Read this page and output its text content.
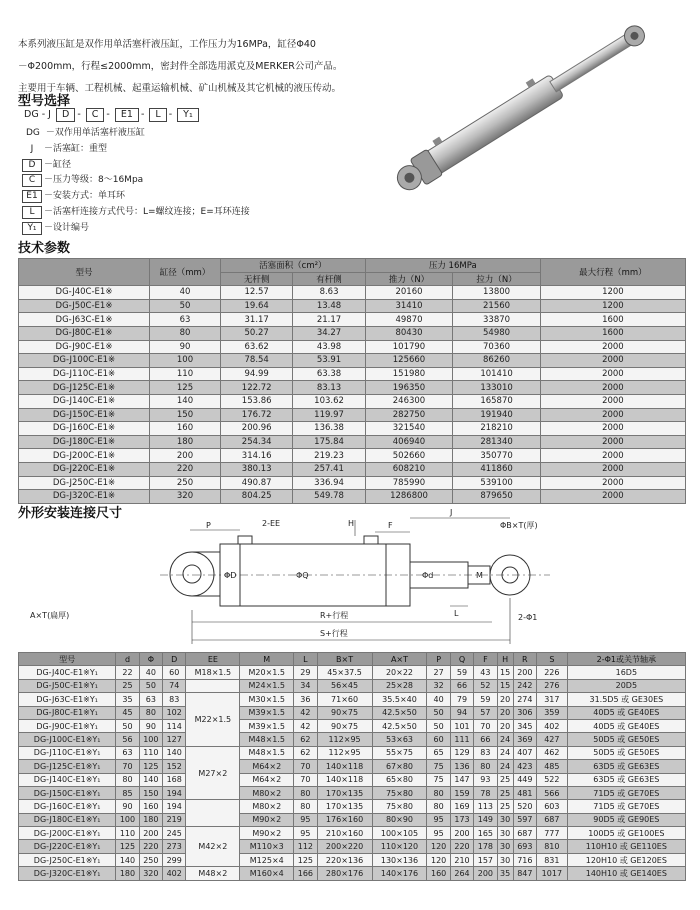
本系列液压缸是双作用单活塞杆液压缸，工作压力为16MPa，缸径Φ40

－Φ200mm，行程≤2000mm，密封件全部选用派克及MERKER公司产品。

主要用于车辆、工程机械、起重运输机械、矿山机械及其它机械的液压传动。

型号选择
DG - J D - C - E1 - L - Y₁
DG －双作用单活塞杆液压缸
J －活塞缸：重型
D －缸径
C －压力等级：8～16Mpa
E1 －安装方式：单耳环
L －活塞杆连接方式代号：L=螺纹连接；E=耳环连接
Y₁ －设计编号
技术参数
型号	缸径（mm）	活塞面积（cm²）		压力 16MPa		最大行程（mm）
		无杆侧	有杆侧	推力（N）	拉力（N）	
DG-J40C-E1※	40	12.57	8.63	20160	13800	1200
DG-J50C-E1※	50	19.64	13.48	31410	21560	1200
DG-J63C-E1※	63	31.17	21.17	49870	33870	1600
DG-J80C-E1※	80	50.27	34.27	80430	54980	1600
DG-J90C-E1※	90	63.62	43.98	101790	70360	2000
DG-J100C-E1※	100	78.54	53.91	125660	86260	2000
DG-J110C-E1※	110	94.99	63.38	151980	101410	2000
DG-J125C-E1※	125	122.72	83.13	196350	133010	2000
DG-J140C-E1※	140	153.86	103.62	246300	165870	2000
DG-J150C-E1※	150	176.72	119.97	282750	191940	2000
DG-J160C-E1※	160	200.96	136.38	321540	218210	2000
DG-J180C-E1※	180	254.34	175.84	406940	281340	2000
DG-J200C-E1※	200	314.16	219.23	502660	350770	2000
DG-J220C-E1※	220	380.13	257.41	608210	411860	2000
DG-J250C-E1※	250	490.87	336.94	785990	539100	2000
DG-J320C-E1※	320	804.25	549.78	1286800	879650	2000
外形安装连接尺寸
2-EE
P	H	F
J
ΦB×T(厚)
A×T(扁厚)	R+行程
S+行程
2-Φ1
L
M
ΦD	ΦQ	Φd
型号	d	Φ	D	EE	M	L	B×T	A×T	P	Q	F	H	R	S	2-Φ1或关节轴承
DG-J40C-E1※Y₁	22	40	60	M18×1.5	M20×1.5	29	45×37.5	20×22	27	59	43	15	200	226	16D5
DG-J50C-E1※Y₁	25	50	74		M24×1.5	34	56×45	25×28	32	66	52	15	242	276	20D5
DG-J63C-E1※Y₁	35	63	83	M22×1.5	M30×1.5	36	71×60	35.5×40	40	79	59	20	274	317	31.5D5 或 GE30ES
DG-J80C-E1※Y₁	45	80	102		M39×1.5	42	90×75	42.5×50	50	94	57	20	306	359	40D5 或 GE40ES
DG-J90C-E1※Y₁	50	90	114		M39×1.5	42	90×75	42.5×50	50	101	70	20	345	402	40D5 或 GE40ES
DG-J100C-E1※Y₁	56	100	127		M48×1.5	62	112×95	53×63	60	111	66	24	369	427	50D5 或 GE50ES
DG-J110C-E1※Y₁	63	110	140	M27×2	M48×1.5	62	112×95	55×75	65	129	83	24	407	462	50D5 或 GE50ES
DG-J125C-E1※Y₁	70	125	152		M64×2	70	140×118	67×80	75	136	80	24	423	485	63D5 或 GE63ES
DG-J140C-E1※Y₁	80	140	168		M64×2	70	140×118	65×80	75	147	93	25	449	522	63D5 或 GE63ES
DG-J150C-E1※Y₁	85	150	194		M80×2	80	170×135	75×80	80	159	78	25	481	566	71D5 或 GE70ES
DG-J160C-E1※Y₁	90	160	194		M80×2	80	170×135	75×80	80	169	113	25	520	603	71D5 或 GE70ES
DG-J180C-E1※Y₁	100	180	219		M90×2	95	176×160	80×90	95	173	149	30	597	687	90D5 或 GE90ES
DG-J200C-E1※Y₁	110	200	245	M42×2	M90×2	95	210×160	100×105	95	200	165	30	687	777	100D5 或 GE100ES
DG-J220C-E1※Y₁	125	220	273		M110×3	112	200×220	110×120	120	220	178	30	693	810	110H10 或 GE110ES
DG-J250C-E1※Y₁	140	250	299		M125×4	125	220×136	130×136	120	210	157	30	716	831	120H10 或 GE120ES
DG-J320C-E1※Y₁	180	320	402	M48×2	M160×4	166	280×176	140×176	160	264	200	35	847	1017	140H10 或 GE140ES
